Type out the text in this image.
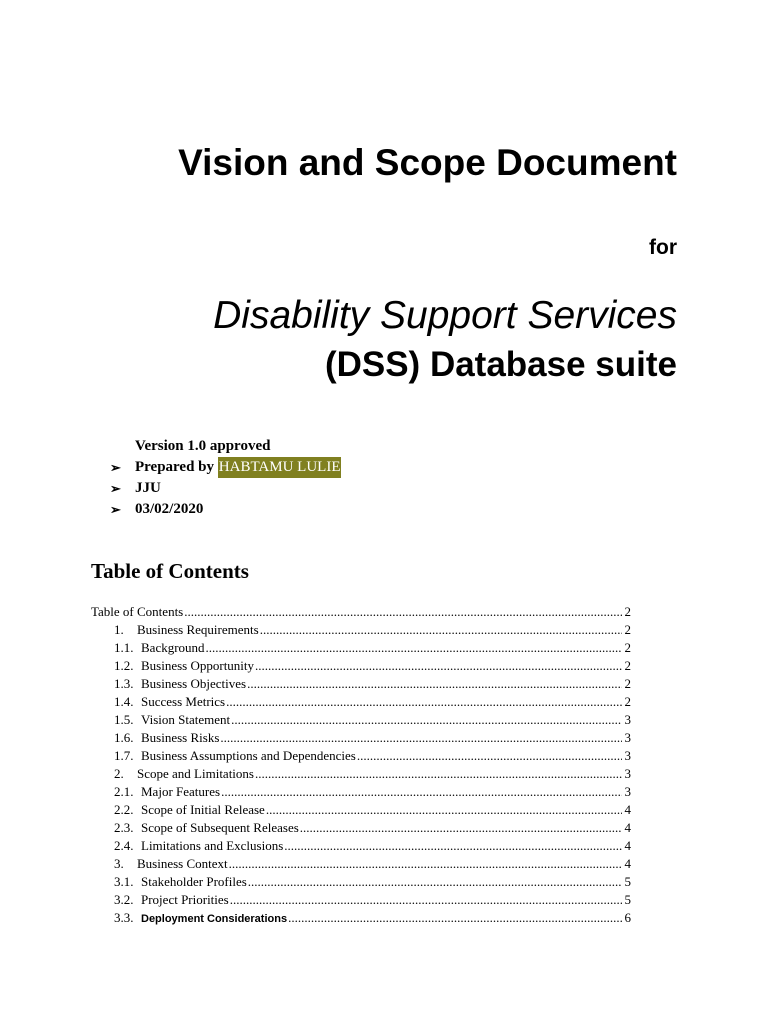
Vision and Scope Document
for
Disability Support Services
(DSS) Database suite
Version 1.0 approved
➢ Prepared by
HABTAMU LULIE
➢ JJU
➢ 03/02/2020
Table of Contents
Table of Contents .....	2
1.	Business Requirements .....	2
1.1. Background .....	2
1.2. Business Opportunity .....	2
1.3. Business Objectives .....	2
1.4. Success Metrics .....	2
1.5. Vision Statement .....	3
1.6. Business Risks .....	3
1.7. Business Assumptions and Dependencies .....	3
2.	Scope and Limitations .....	3
2.1. Major Features .....	3
2.2. Scope of Initial Release .....	4
2.3. Scope of Subsequent Releases .....	4
2.4. Limitations and Exclusions .....	4
3.	Business Context .....	4
3.1. Stakeholder Profiles .....	5
3.2. Project Priorities .....	5
3.3. Deployment Considerations .....	6
